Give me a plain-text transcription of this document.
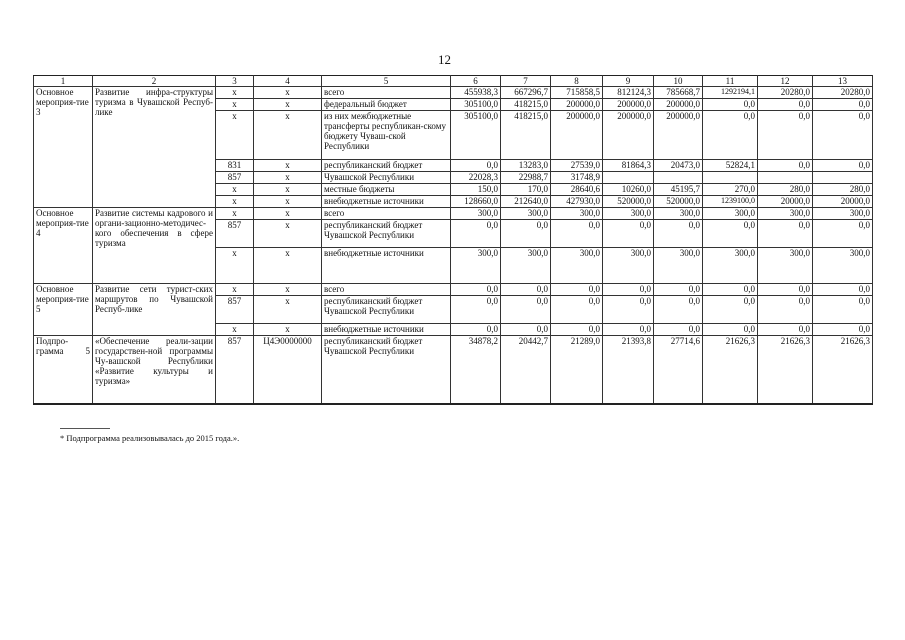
12
1	2	3	4	5	6	7	8	9	10	11	12	13
Основное мероприя-тие 3	Развитие инфра-структуры туризма в Чувашской Респуб-лике	x	x	всего	455938,3	667296,7	715858,5	812124,3	785668,7	1292194,1	20280,0	20280,0
		x	x	федеральный бюджет	305100,0	418215,0	200000,0	200000,0	200000,0	0,0	0,0	0,0
		x	x	из них межбюджетные трансферты республикан-скому бюджету Чуваш-ской Республики	305100,0	418215,0	200000,0	200000,0	200000,0	0,0	0,0	0,0
		831	x	республиканский бюджет	0,0	13283,0	27539,0	81864,3	20473,0	52824,1	0,0	0,0
		857	x	Чувашской Республики	22028,3	22988,7	31748,9					
		x	x	местные бюджеты	150,0	170,0	28640,6	10260,0	45195,7	270,0	280,0	280,0
		x	x	внебюджетные источники	128660,0	212640,0	427930,0	520000,0	520000,0	1239100,0	20000,0	20000,0
Основное мероприя-тие 4	Развитие системы кадрового и органи-зационно-методичес-кого обеспечения в сфере туризма	x	x	всего	300,0	300,0	300,0	300,0	300,0	300,0	300,0	300,0
		857	x	республиканский бюджет Чувашской Республики	0,0	0,0	0,0	0,0	0,0	0,0	0,0	0,0
		x	x	внебюджетные источники	300,0	300,0	300,0	300,0	300,0	300,0	300,0	300,0
Основное мероприя-тие 5	Развитие сети турист-ских маршрутов по Чувашской Респуб-лике	x	x	всего	0,0	0,0	0,0	0,0	0,0	0,0	0,0	0,0
		857	x	республиканский бюджет Чувашской Республики	0,0	0,0	0,0	0,0	0,0	0,0	0,0	0,0
		x	x	внебюджетные источники	0,0	0,0	0,0	0,0	0,0	0,0	0,0	0,0
Подпро-грамма 5	«Обеспечение реали-зации государствен-ной программы Чу-вашской Республики «Развитие культуры и туризма»	857	Ц4Э0000000	республиканский бюджет Чувашской Республики	34878,2	20442,7	21289,0	21393,8	27714,6	21626,3	21626,3	21626,3
* Подпрограмма реализовывалась до 2015 года.».
